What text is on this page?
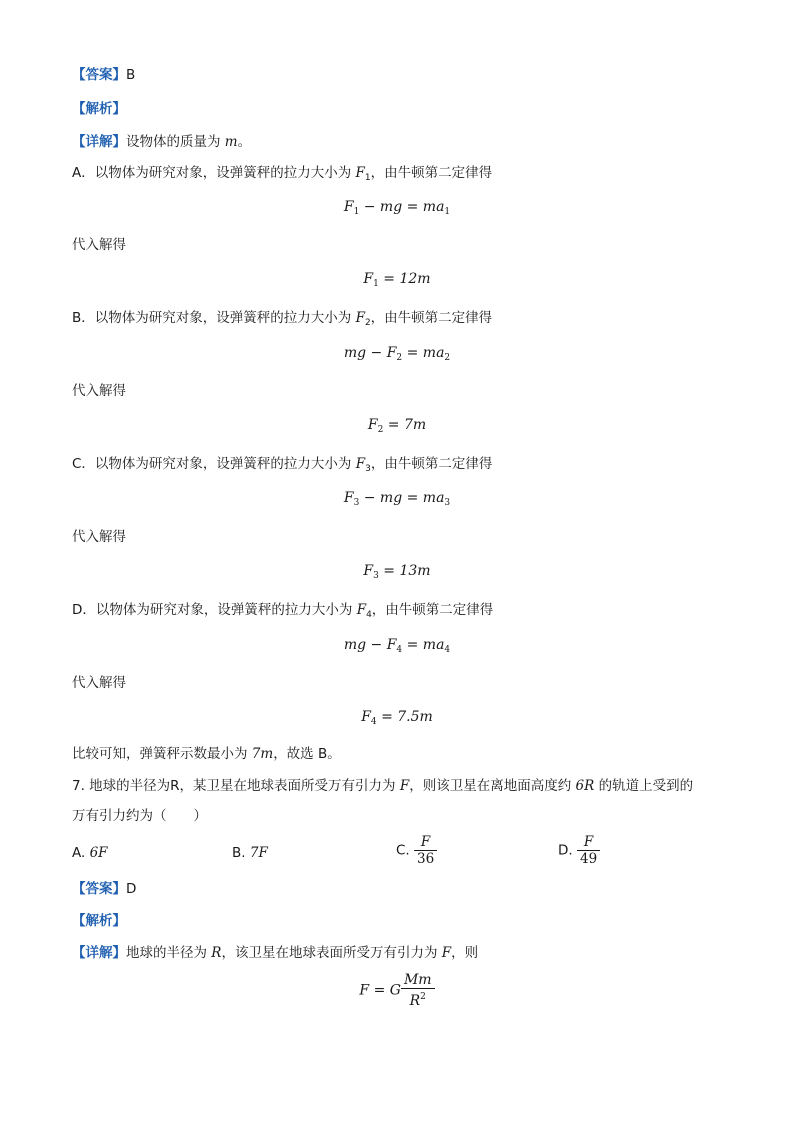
【答案】B
【解析】
【详解】设物体的质量为 m。
A．以物体为研究对象，设弹簧秤的拉力大小为 $F_1$，由牛顿第二定律得
$F_1$ − mg = $ma_1$
代入解得
$F_1 = 12m$
B．以物体为研究对象，设弹簧秤的拉力大小为 $F_2$，由牛顿第二定律得
mg − $F_2 = ma_2$
代入解得
$F_2 = 7m$
C．以物体为研究对象，设弹簧秤的拉力大小为 $F_3$，由牛顿第二定律得
$F_3$ − mg = $ma_3$
代入解得
$F_3 = 13m$
D．以物体为研究对象，设弹簧秤的拉力大小为 $F_4$，由牛顿第二定律得
mg − $F_4 = ma_4$
代入解得
$F_4 = 7.5m$
比较可知，弹簧秤示数最小为 7m，故选 B。
7. 地球的半径为R，某卫星在地球表面所受万有引力为 F，则该卫星在离地面高度约 6R 的轨道上受到的
万有引力约为（　　）
A. 6F	B. 7F	C. $\frac{F}{36}$	D. $\frac{F}{49}$
【答案】D
【解析】
【详解】地球的半径为 R，该卫星在地球表面所受万有引力为 F，则
F = G $\frac{Mm}{R^2}$
